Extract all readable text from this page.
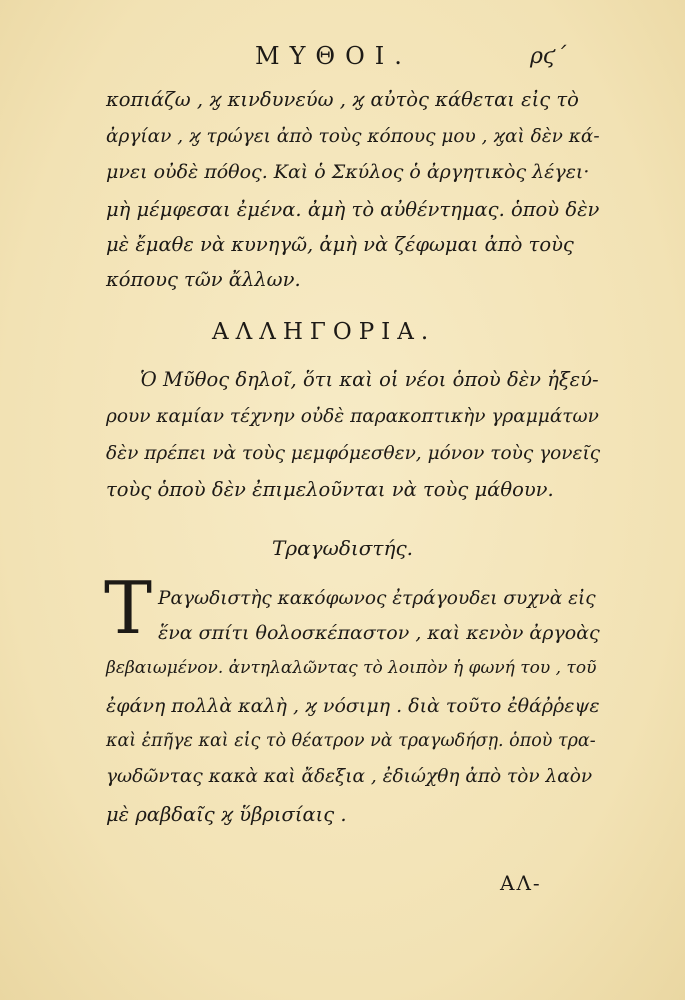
ΜΥΘΟΙ.	ρϛ΄
κοπιάζω , ϗ κινδυνεύω , ϗ αὐτὸς κάθεται εἰς τὸ
ἀργίαν , ϗ τρώγει ἀπὸ τοὺς κόπους μου , ϗαὶ δὲν κά-
μνει οὐδὲ πόθος. Καὶ ὁ Σκύλος ὁ ἀργητικὸς λέγει·
μὴ μέμφεσαι ἐμένα. ἀμὴ τὸ αὐθέντημας. ὁποὺ δὲν
μὲ ἔμαθε νὰ κυνηγῶ, ἀμὴ νὰ ζέφωμαι ἀπὸ τοὺς
κόπους τῶν ἄλλων.
ΑΛΛΗΓΟΡΙΑ.
Ὁ Μῦθος δηλοῖ, ὅτι καὶ οἱ νέοι ὁποὺ δὲν ἠξεύ-
ρουν καμίαν τέχνην οὐδὲ παρακοπτικὴν γραμμάτων
δὲν πρέπει νὰ τοὺς μεμφόμεσθεν, μόνον τοὺς γονεῖς
τοὺς ὁποὺ δὲν ἐπιμελοῦνται νὰ τοὺς μάθουν.
Τραγωδιστής.
Τ Ραγωδιστὴς κακόφωνος ἐτράγουδει συχνὰ εἰς
ἕνα σπίτι θολοσκέπαστον , καὶ κενὸν ἀργοὰς
βεβαιωμένον. ἀντηλαλῶντας τὸ λοιπὸν ἡ φωνή του , τοῦ
ἐφάνη πολλὰ καλὴ , ϗ νόσιμη . διὰ τοῦτο ἐθάῤῥεψε
καὶ ἐπῆγε καὶ εἰς τὸ θέατρον νὰ τραγωδήσῃ. ὁποὺ τρα-
γωδῶντας κακὰ καὶ ἄδεξια , ἐδιώχθη ἀπὸ τὸν λαὸν
μὲ ραβδαῖς ϗ ὕβρισίαις .
ΑΛ-
